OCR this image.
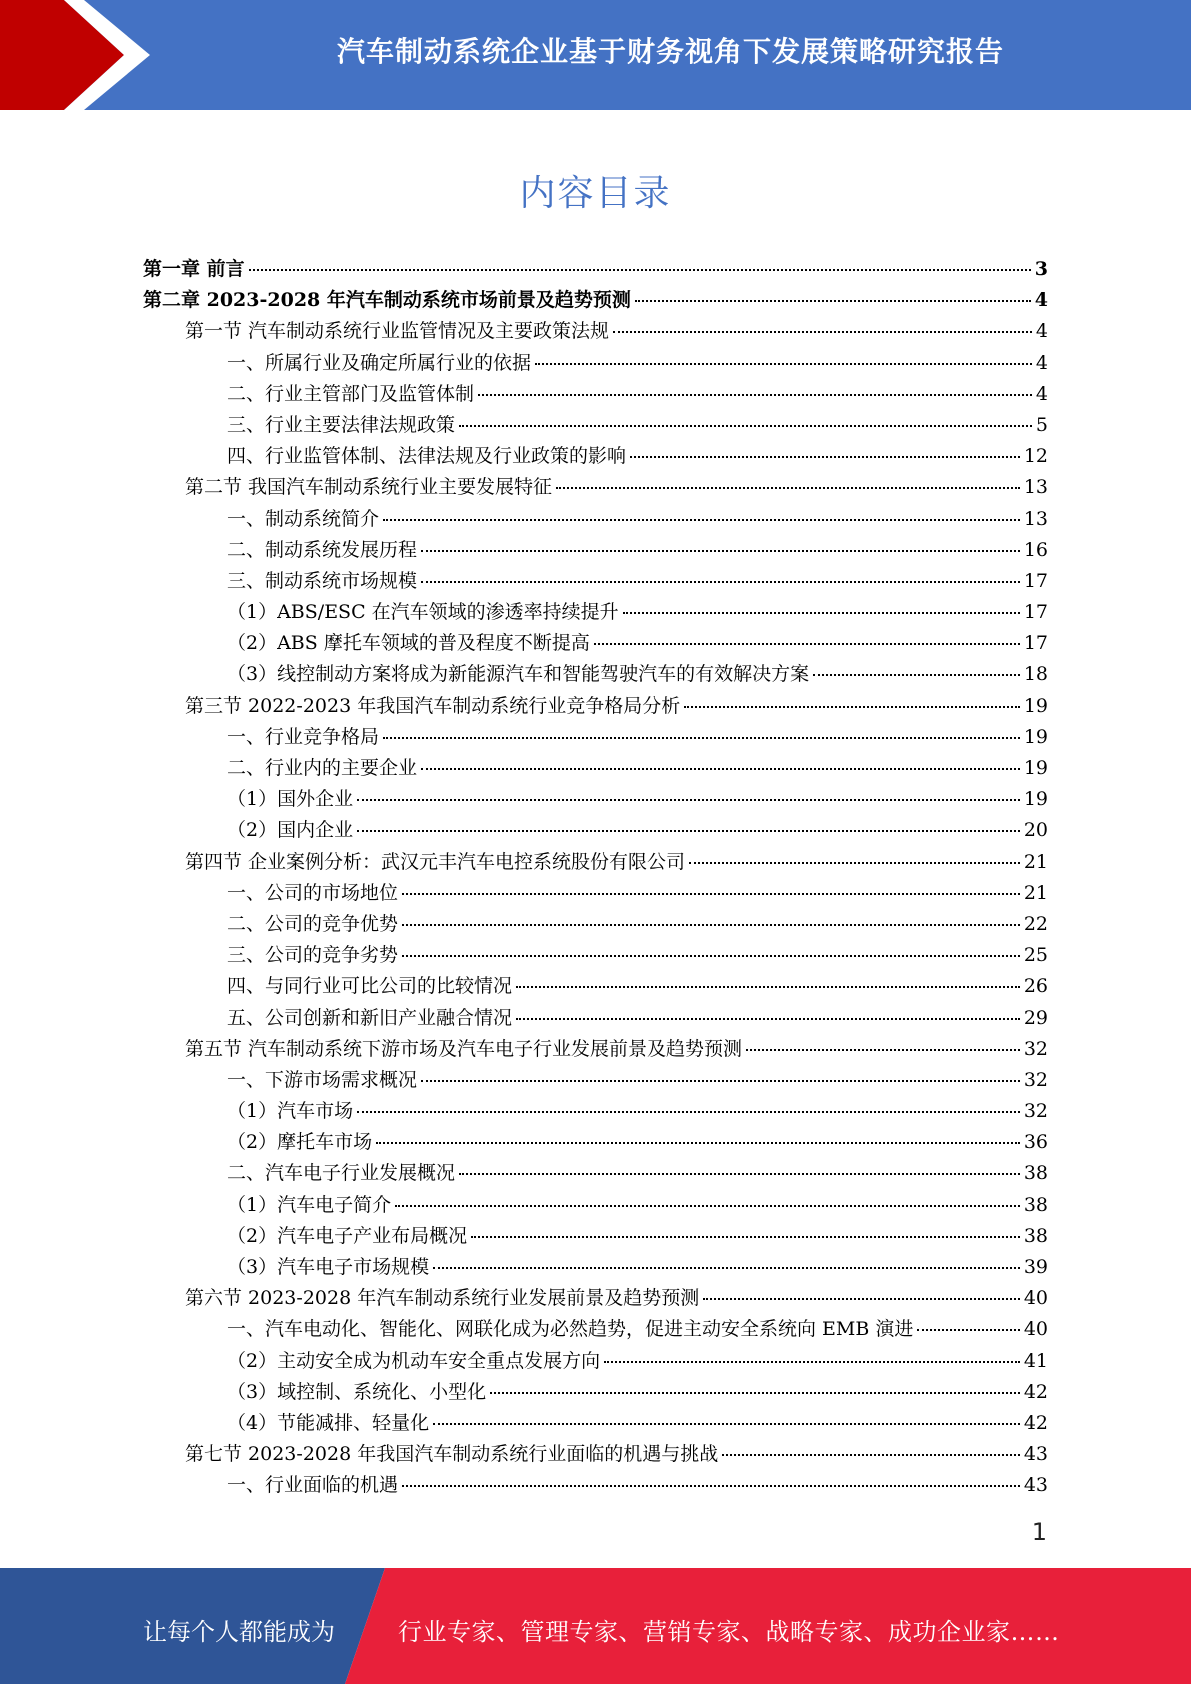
汽车制动系统企业基于财务视角下发展策略研究报告
内容目录
第一章 前言	3
第二章 2023-2028 年汽车制动系统市场前景及趋势预测	4
第一节 汽车制动系统行业监管情况及主要政策法规	4
一、所属行业及确定所属行业的依据	4
二、行业主管部门及监管体制	4
三、行业主要法律法规政策	5
四、行业监管体制、法律法规及行业政策的影响	12
第二节 我国汽车制动系统行业主要发展特征	13
一、制动系统简介	13
二、制动系统发展历程	16
三、制动系统市场规模	17
（1）ABS/ESC 在汽车领域的渗透率持续提升	17
（2）ABS 摩托车领域的普及程度不断提高	17
（3）线控制动方案将成为新能源汽车和智能驾驶汽车的有效解决方案	18
第三节 2022-2023 年我国汽车制动系统行业竞争格局分析	19
一、行业竞争格局	19
二、行业内的主要企业	19
（1）国外企业	19
（2）国内企业	20
第四节 企业案例分析：武汉元丰汽车电控系统股份有限公司	21
一、公司的市场地位	21
二、公司的竞争优势	22
三、公司的竞争劣势	25
四、与同行业可比公司的比较情况	26
五、公司创新和新旧产业融合情况	29
第五节 汽车制动系统下游市场及汽车电子行业发展前景及趋势预测	32
一、下游市场需求概况	32
（1）汽车市场	32
（2）摩托车市场	36
二、汽车电子行业发展概况	38
（1）汽车电子简介	38
（2）汽车电子产业布局概况	38
（3）汽车电子市场规模	39
第六节 2023-2028 年汽车制动系统行业发展前景及趋势预测	40
一、汽车电动化、智能化、网联化成为必然趋势，促进主动安全系统向 EMB 演进	40
（2）主动安全成为机动车安全重点发展方向	41
（3）域控制、系统化、小型化	42
（4）节能减排、轻量化	42
第七节 2023-2028 年我国汽车制动系统行业面临的机遇与挑战	43
一、行业面临的机遇	43
1
让每个人都能成为	行业专家、管理专家、营销专家、战略专家、成功企业家……
